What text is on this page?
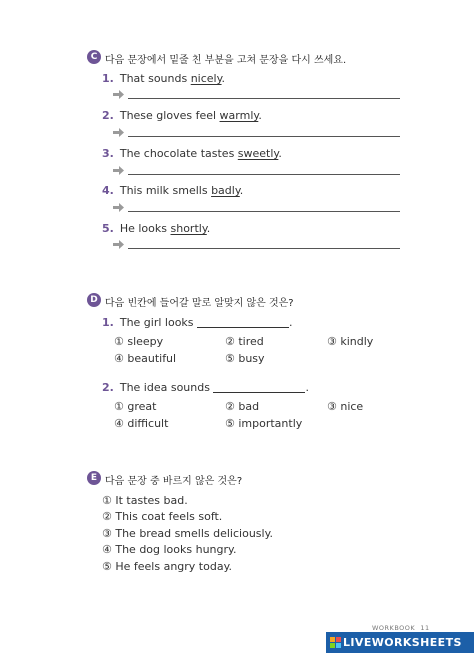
C 다음 문장에서 밑줄 친 부분을 고쳐 문장을 다시 쓰세요.
1. That sounds nicely.
2. These gloves feel warmly.
3. The chocolate tastes sweetly.
4. This milk smells badly.
5. He looks shortly.
D 다음 빈칸에 들어갈 말로 알맞지 않은 것은?
1. The girl looks	.
① sleepy	② tired	③ kindly
④ beautiful	⑤ busy
2. The idea sounds	.
① great	② bad	③ nice
④ difficult	⑤ importantly
E 다음 문장 중 바르지 않은 것은?
① It tastes bad.
② This coat feels soft.
③ The bread smells deliciously.
④ The dog looks hungry.
⑤ He feels angry today.
WORKBOOK 11
LIVEWORKSHEETS
